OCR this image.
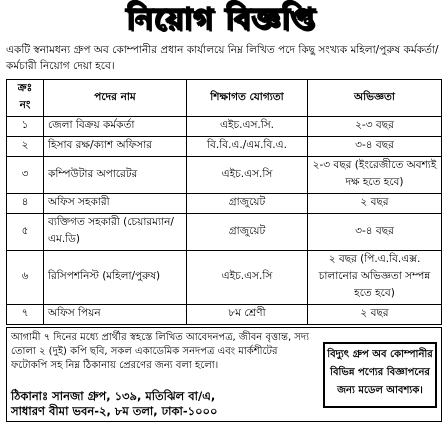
নিয়োগ বিজ্ঞপ্তি
একটি স্বনামধন্য গ্রুপ অব কোম্পানীর প্রধান কার্যালয়ে নিম্ন লিখিত পদে কিছু সংখ্যক মহিলা/পুরুষ কর্মকর্তা/ কর্মচারী নিয়োগ দেয়া হবে।
ক্রঃ নং	পদের নাম	শিক্ষাগত যোগ্যতা	অভিজ্ঞতা
১	জেলা বিক্রয় কর্মকর্তা	এইচ.এস.সি.	২-৩ বছর
২	হিসাব রক্ষ/ক্যাশ অফিসার	বি.বি.এ./এম.বি.এ.	৩-৪ বছর
৩	কম্পিউটার অপারেটর	এইচ.এস.সি	২-৩ বছর (ইংরেজীতে অবশ্যই দক্ষ হতে হবে)
৪	অফিস সহকারী	গ্রাজুয়েট	২ বছর
৫	ব্যক্তিগত সহকারী (চেয়ারম্যান/এম.ডি)	গ্রাজুয়েট	৩-৪ বছর
৬	রিসিপশনিস্ট (মহিলা/পুরুষ)	এইচ.এস.সি	২ বছর (পি.এ.বি.এক্স. চালানোর অভিজ্ঞতা সম্পন্ন হতে হবে)
৭	অফিস পিয়ন	৮ম শ্রেণী	২ বছর
আগামী ৭ দিনের মধ্যে প্রার্থীর স্বহস্তে লিখিত আবেদনপত্র, জীবন বৃত্তান্ত, সদ্য তোলা ২ (দুই) কপি ছবি, সকল একাডেমিক সনদপত্র এবং মার্কশীটের ফটোকপি সহ নিম্ন ঠিকানায় প্রেরণের জন্য বলা হলো।
ঠিকানাঃ সানজা গ্রুপ, ১৩৯, মতিঝিল বা/এ,
সাধারণ বীমা ভবন-২, ৮ম তলা, ঢাকা-১০০০
বিদ্যুৎ গ্রুপ অব কোম্পানীর
বিভিন্ন পণ্যের বিজ্ঞাপনের
জন্য মডেল আবশ্যক।
